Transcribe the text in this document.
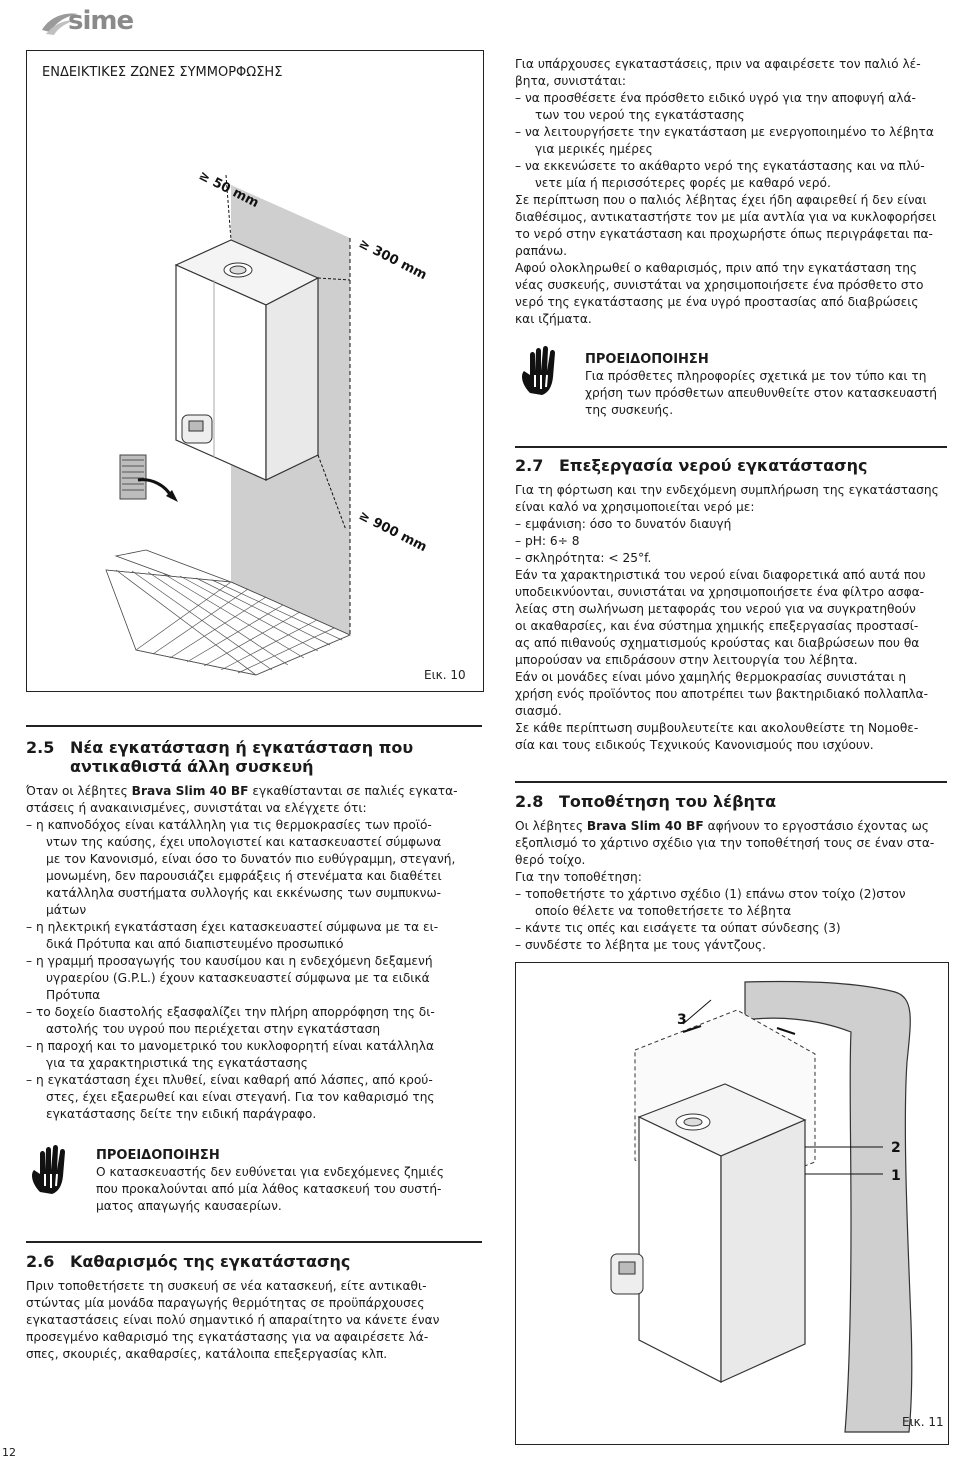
sime
ΕΝΔΕΙΚΤΙΚΕΣ ΖΩΝΕΣ ΣΥΜΜΟΡΦΩΣΗΣ
≥ 50 mm
≥ 300 mm
≥ 900 mm
Εικ. 10

Για υπάρχουσες εγκαταστάσεις, πριν να αφαιρέσετε τον παλιό λέ-

βητα, συνιστάται:

– να προσθέσετε ένα πρόσθετο ειδικό υγρό για την αποφυγή αλά-
των του νερού της εγκατάστασης

– να λειτουργήσετε την εγκατάσταση με ενεργοποιημένο το λέβητα
για μερικές ημέρες

– να εκκενώσετε το ακάθαρτο νερό της εγκατάστασης και να πλύ-
νετε μία ή περισσότερες φορές με καθαρό νερό.

Σε περίπτωση που ο παλιός λέβητας έχει ήδη αφαιρεθεί ή δεν είναι

διαθέσιμος, αντικαταστήστε τον με μία αντλία για να κυκλοφορήσει

το νερό στην εγκατάσταση και προχωρήστε όπως περιγράφεται πα-

ραπάνω.

Αφού ολοκληρωθεί ο καθαρισμός, πριν από την εγκατάσταση της

νέας συσκευής, συνιστάται να χρησιμοποιήσετε ένα πρόσθετο στο

νερό της εγκατάστασης με ένα υγρό προστασίας από διαβρώσεις

και ιζήματα.

ΠΡΟΕΙΔΟΠΟΙΗΣΗ

Για πρόσθετες πληροφορίες σχετικά με τον τύπο και τη

χρήση των πρόσθετων απευθυνθείτε στον κατασκευαστή

της συσκευής.

2.7 Επεξεργασία νερού εγκατάστασης

Για τη φόρτωση και την ενδεχόμενη συμπλήρωση της εγκατάστασης

είναι καλό να χρησιμοποιείται νερό με:

– εμφάνιση: όσο το δυνατόν διαυγή

– pH: 6÷ 8

– σκληρότητα: < 25°f.

Εάν τα χαρακτηριστικά του νερού είναι διαφορετικά από αυτά που

υποδεικνύονται, συνιστάται να χρησιμοποιήσετε ένα φίλτρο ασφα-

λείας στη σωλήνωση μεταφοράς του νερού για να συγκρατηθούν

οι ακαθαρσίες, και ένα σύστημα χημικής επεξεργασίας προστασί-

ας από πιθανούς σχηματισμούς κρούστας και διαβρώσεων που θα

μπορούσαν να επιδράσουν στην λειτουργία του λέβητα.

Εάν οι μονάδες είναι μόνο χαμηλής θερμοκρασίας συνιστάται η

χρήση ενός προϊόντος που αποτρέπει των βακτηριδιακό πολλαπλα-

σιασμό.

Σε κάθε περίπτωση συμβουλευτείτε και ακολουθείστε τη Νομοθε-

σία και τους ειδικούς Τεχνικούς Κανονισμούς που ισχύουν.

2.8 Τοποθέτηση του λέβητα

Οι λέβητες Brava Slim 40 BF αφήνουν το εργοστάσιο έχοντας ως

εξοπλισμό το χάρτινο σχέδιο για την τοποθέτησή τους σε έναν στα-

θερό τοίχο.

Για την τοποθέτηση:

– τοποθετήστε το χάρτινο σχέδιο (1) επάνω στον τοίχο (2)στον

οποίο θέλετε να τοποθετήσετε το λέβητα

– κάντε τις οπές και εισάγετε τα ούπατ σύνδεσης (3)

– συνδέστε το λέβητα με τους γάντζους.

3
2
1
Εικ. 11
2.5 Νέα εγκατάσταση ή εγκατάσταση που
αντικαθιστά άλλη συσκευή

Όταν οι λέβητες Brava Slim 40 BF εγκαθίστανται σε παλιές εγκατα-

στάσεις ή ανακαινισμένες, συνιστάται να ελέγχετε ότι:

– η καπνοδόχος είναι κατάλληλη για τις θερμοκρασίες των προϊό-

ντων της καύσης, έχει υπολογιστεί και κατασκευαστεί σύμφωνα

με τον Κανονισμό, είναι όσο το δυνατόν πιο ευθύγραμμη, στεγανή,

μονωμένη, δεν παρουσιάζει εμφράξεις ή στενέματα και διαθέτει

κατάλληλα συστήματα συλλογής και εκκένωσης των συμπυκνω-

μάτων

– η ηλεκτρική εγκατάσταση έχει κατασκευαστεί σύμφωνα με τα ει-

δικά Πρότυπα και από διαπιστευμένο προσωπικό

– η γραμμή προσαγωγής του καυσίμου και η ενδεχόμενη δεξαμενή

υγραερίου (G.P.L.) έχουν κατασκευαστεί σύμφωνα με τα ειδικά

Πρότυπα

– το δοχείο διαστολής εξασφαλίζει την πλήρη απορρόφηση της δι-

αστολής του υγρού που περιέχεται στην εγκατάσταση

– η παροχή και το μανομετρικό του κυκλοφορητή είναι κατάλληλα

για τα χαρακτηριστικά της εγκατάστασης

– η εγκατάσταση έχει πλυθεί, είναι καθαρή από λάσπες, από κρού-

στες, έχει εξαερωθεί και είναι στεγανή. Για τον καθαρισμό της

εγκατάστασης δείτε την ειδική παράγραφο.

ΠΡΟΕΙΔΟΠΟΙΗΣΗ

Ο κατασκευαστής δεν ευθύνεται για ενδεχόμενες ζημιές

που προκαλούνται από μία λάθος κατασκευή του συστή-

ματος απαγωγής καυσαερίων.

2.6 Καθαρισμός της εγκατάστασης

Πριν τοποθετήσετε τη συσκευή σε νέα κατασκευή, είτε αντικαθι-

στώντας μία μονάδα παραγωγής θερμότητας σε προϋπάρχουσες

εγκαταστάσεις είναι πολύ σημαντικό ή απαραίτητο να κάνετε έναν

προσεγμένο καθαρισμό της εγκατάστασης για να αφαιρέσετε λά-

σπες, σκουριές, ακαθαρσίες, κατάλοιπα επεξεργασίας κλπ.

12
